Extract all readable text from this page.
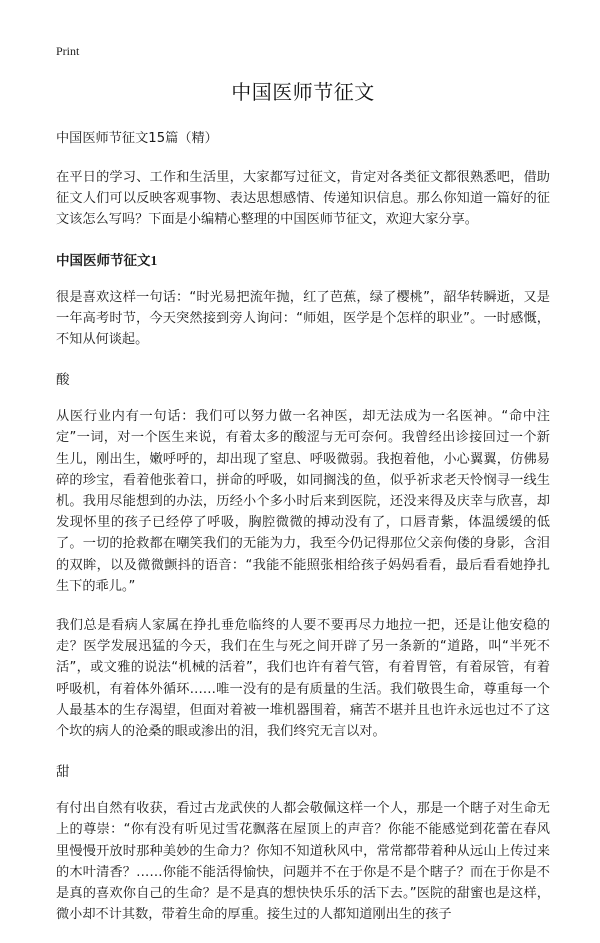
Print
中国医师节征文
中国医师节征文15篇（精）

在平日的学习、工作和生活里，大家都写过征文，肯定对各类征文都很熟悉吧，借助征文人们可以反映客观事物、表达思想感情、传递知识信息。那么你知道一篇好的征文该怎么写吗？下面是小编精心整理的中国医师节征文，欢迎大家分享。

中国医师节征文1

很是喜欢这样一句话：“时光易把流年抛，红了芭蕉，绿了樱桃”，韶华转瞬逝，又是一年高考时节，今天突然接到旁人询问：“师姐，医学是个怎样的职业”。一时感慨，不知从何谈起。

酸

从医行业内有一句话：我们可以努力做一名神医，却无法成为一名医神。“命中注定”一词，对一个医生来说，有着太多的酸涩与无可奈何。我曾经出诊接回过一个新生儿，刚出生，嫩呼呼的，却出现了窒息、呼吸微弱。我抱着他，小心翼翼，仿佛易碎的珍宝，看着他张着口，拼命的呼吸，如同搁浅的鱼，似乎祈求老天怜悯寻一线生机。我用尽能想到的办法，历经小个多小时后来到医院，还没来得及庆幸与欣喜，却发现怀里的孩子已经停了呼吸，胸腔微微的搏动没有了，口唇青紫，体温缓缓的低了。一切的抢救都在嘲笑我们的无能为力，我至今仍记得那位父亲佝偻的身影，含泪的双眸，以及微微颤抖的语音：“我能不能照张相给孩子妈妈看看，最后看看她挣扎生下的乖儿。”

我们总是看病人家属在挣扎垂危临终的人要不要再尽力地拉一把，还是让他安稳的走？医学发展迅猛的今天，我们在生与死之间开辟了另一条新的“道路，叫“半死不活”，或文雅的说法“机械的活着”，我们也许有着气管，有着胃管，有着尿管，有着呼吸机，有着体外循环……唯一没有的是有质量的生活。我们敬畏生命，尊重每一个人最基本的生存渴望，但面对着被一堆机器围着，痛苦不堪并且也许永远也过不了这个坎的病人的沧桑的眼或渗出的泪，我们终究无言以对。

甜

有付出自然有收获，看过古龙武侠的人都会敬佩这样一个人，那是一个瞎子对生命无上的尊崇：“你有没有听见过雪花飘落在屋顶上的声音？你能不能感觉到花蕾在春风里慢慢开放时那种美妙的生命力？你知不知道秋风中，常常都带着种从远山上传过来的木叶清香？……你能不能活得愉快，问题并不在于你是不是个瞎子？而在于你是不是真的喜欢你自己的生命？是不是真的想快快乐乐的活下去。”医院的甜蜜也是这样，微小却不计其数，带着生命的厚重。接生过的人都知道刚出生的孩子
